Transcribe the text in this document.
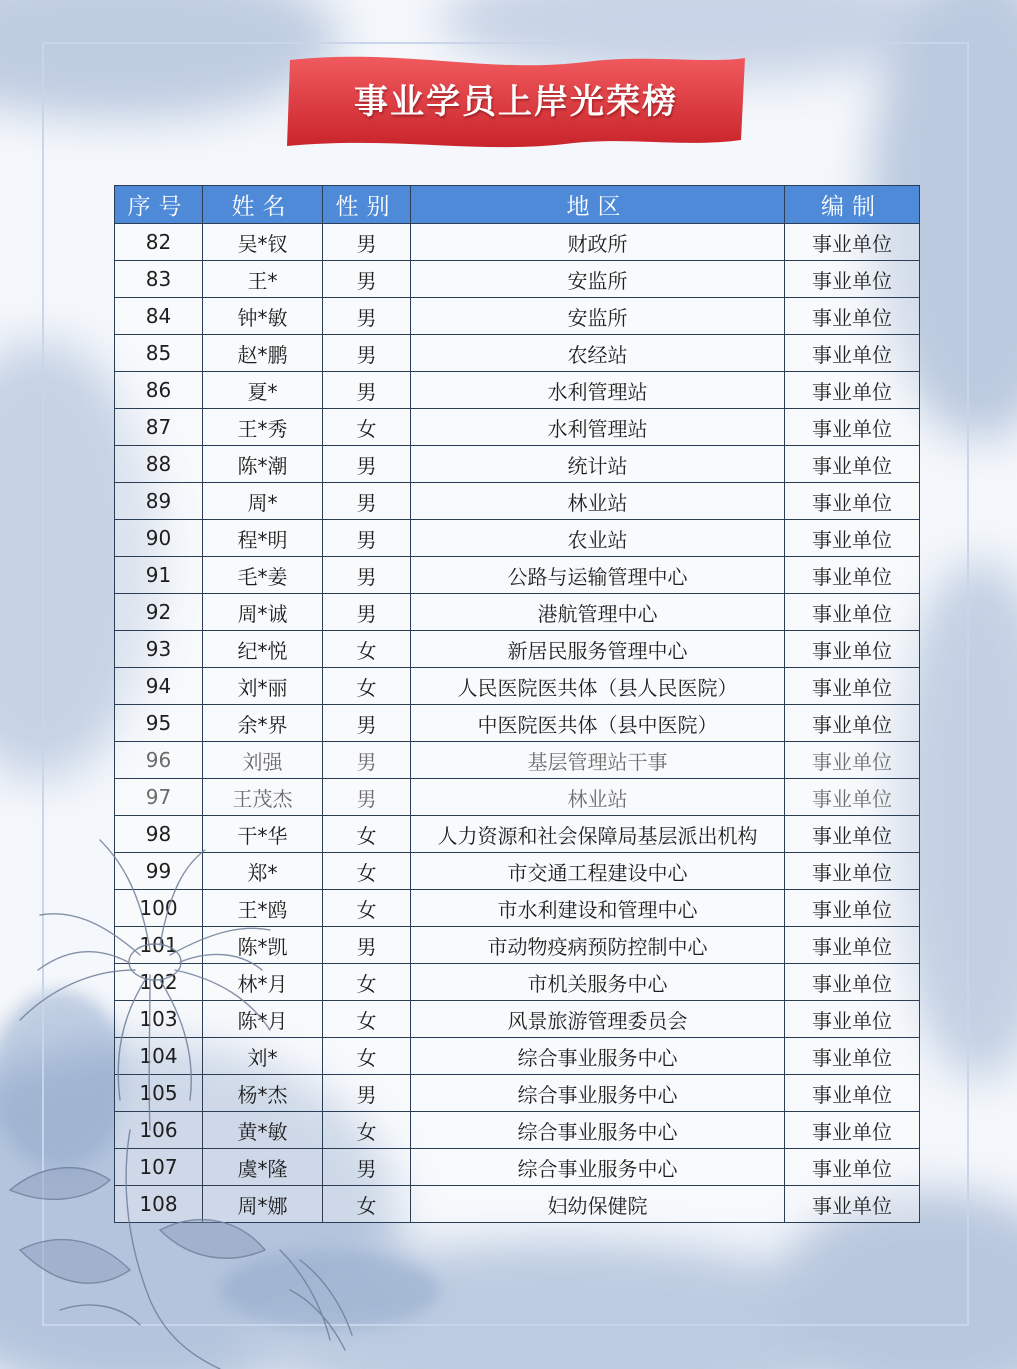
事业学员上岸光荣榜
序号	姓名	性别	地区	编制
82	吴*钗	男	财政所	事业单位
83	王*	男	安监所	事业单位
84	钟*敏	男	安监所	事业单位
85	赵*鹏	男	农经站	事业单位
86	夏*	男	水利管理站	事业单位
87	王*秀	女	水利管理站	事业单位
88	陈*潮	男	统计站	事业单位
89	周*	男	林业站	事业单位
90	程*明	男	农业站	事业单位
91	毛*姜	男	公路与运输管理中心	事业单位
92	周*诚	男	港航管理中心	事业单位
93	纪*悦	女	新居民服务管理中心	事业单位
94	刘*丽	女	人民医院医共体（县人民医院）	事业单位
95	余*界	男	中医院医共体（县中医院）	事业单位
96	刘强	男	基层管理站干事	事业单位
97	王茂杰	男	林业站	事业单位
98	干*华	女	人力资源和社会保障局基层派出机构	事业单位
99	郑*	女	市交通工程建设中心	事业单位
100	王*鸥	女	市水利建设和管理中心	事业单位
101	陈*凯	男	市动物疫病预防控制中心	事业单位
102	林*月	女	市机关服务中心	事业单位
103	陈*月	女	风景旅游管理委员会	事业单位
104	刘*	女	综合事业服务中心	事业单位
105	杨*杰	男	综合事业服务中心	事业单位
106	黄*敏	女	综合事业服务中心	事业单位
107	虞*隆	男	综合事业服务中心	事业单位
108	周*娜	女	妇幼保健院	事业单位
